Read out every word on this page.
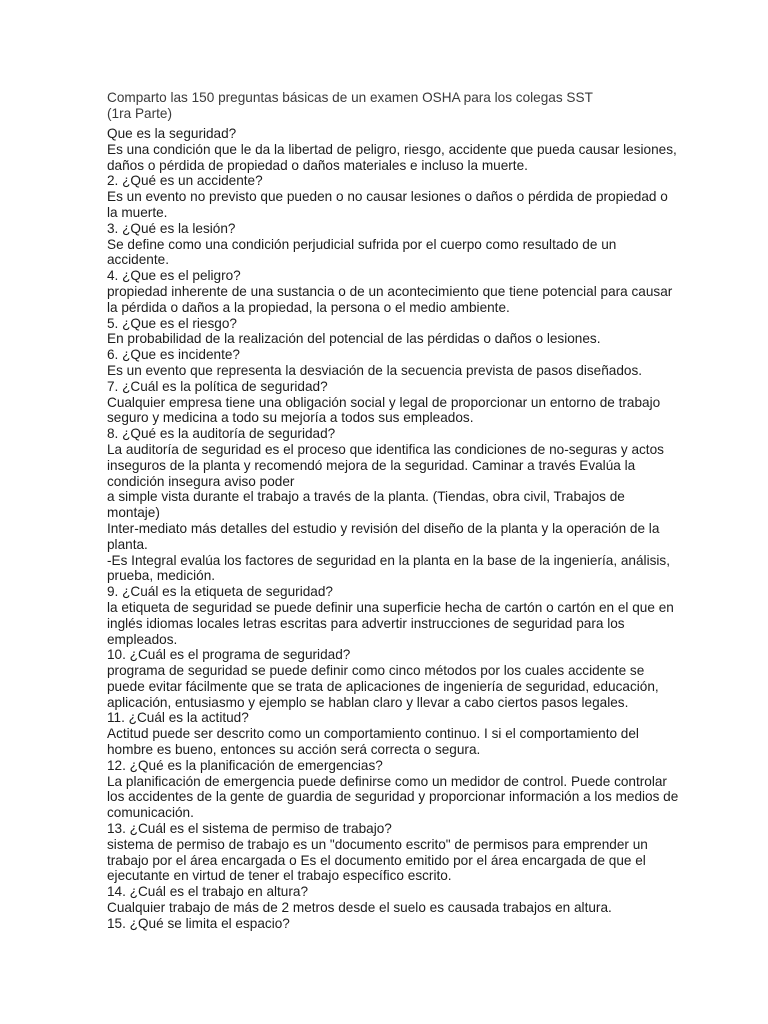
Comparto las 150 preguntas básicas de un examen OSHA para los colegas SST
(1ra Parte)
Que es la seguridad?
Es una condición que le da la libertad de peligro, riesgo, accidente que pueda causar lesiones,
daños o pérdida de propiedad o daños materiales e incluso la muerte.
2. ¿Qué es un accidente?
Es un evento no previsto que pueden o no causar lesiones o daños o pérdida de propiedad o
la muerte.
3. ¿Qué es la lesión?
Se define como una condición perjudicial sufrida por el cuerpo como resultado de un
accidente.
4. ¿Que es el peligro?
propiedad inherente de una sustancia o de un acontecimiento que tiene potencial para causar
la pérdida o daños a la propiedad, la persona o el medio ambiente.
5. ¿Que es el riesgo?
En probabilidad de la realización del potencial de las pérdidas o daños o lesiones.
6. ¿Que es incidente?
Es un evento que representa la desviación de la secuencia prevista de pasos diseñados.
7. ¿Cuál es la política de seguridad?
Cualquier empresa tiene una obligación social y legal de proporcionar un entorno de trabajo
seguro y medicina a todo su mejoría a todos sus empleados.
8. ¿Qué es la auditoría de seguridad?
La auditoría de seguridad es el proceso que identifica las condiciones de no-seguras y actos
inseguros de la planta y recomendó mejora de la seguridad. Caminar a través Evalúa la
condición insegura aviso poder
a simple vista durante el trabajo a través de la planta. (Tiendas, obra civil, Trabajos de
montaje)
Inter-mediato más detalles del estudio y revisión del diseño de la planta y la operación de la
planta.
-Es Integral evalúa los factores de seguridad en la planta en la base de la ingeniería, análisis,
prueba, medición.
9. ¿Cuál es la etiqueta de seguridad?
la etiqueta de seguridad se puede definir una superficie hecha de cartón o cartón en el que en
inglés idiomas locales letras escritas para advertir instrucciones de seguridad para los
empleados.
10. ¿Cuál es el programa de seguridad?
programa de seguridad se puede definir como cinco métodos por los cuales accidente se
puede evitar fácilmente que se trata de aplicaciones de ingeniería de seguridad, educación,
aplicación, entusiasmo y ejemplo se hablan claro y llevar a cabo ciertos pasos legales.
11. ¿Cuál es la actitud?
Actitud puede ser descrito como un comportamiento continuo. I si el comportamiento del
hombre es bueno, entonces su acción será correcta o segura.
12. ¿Qué es la planificación de emergencias?
La planificación de emergencia puede definirse como un medidor de control. Puede controlar
los accidentes de la gente de guardia de seguridad y proporcionar información a los medios de
comunicación.
13. ¿Cuál es el sistema de permiso de trabajo?
sistema de permiso de trabajo es un "documento escrito" de permisos para emprender un
trabajo por el área encargada o Es el documento emitido por el área encargada de que el
ejecutante en virtud de tener el trabajo específico escrito.
14. ¿Cuál es el trabajo en altura?
Cualquier trabajo de más de 2 metros desde el suelo es causada trabajos en altura.
15. ¿Qué se limita el espacio?
